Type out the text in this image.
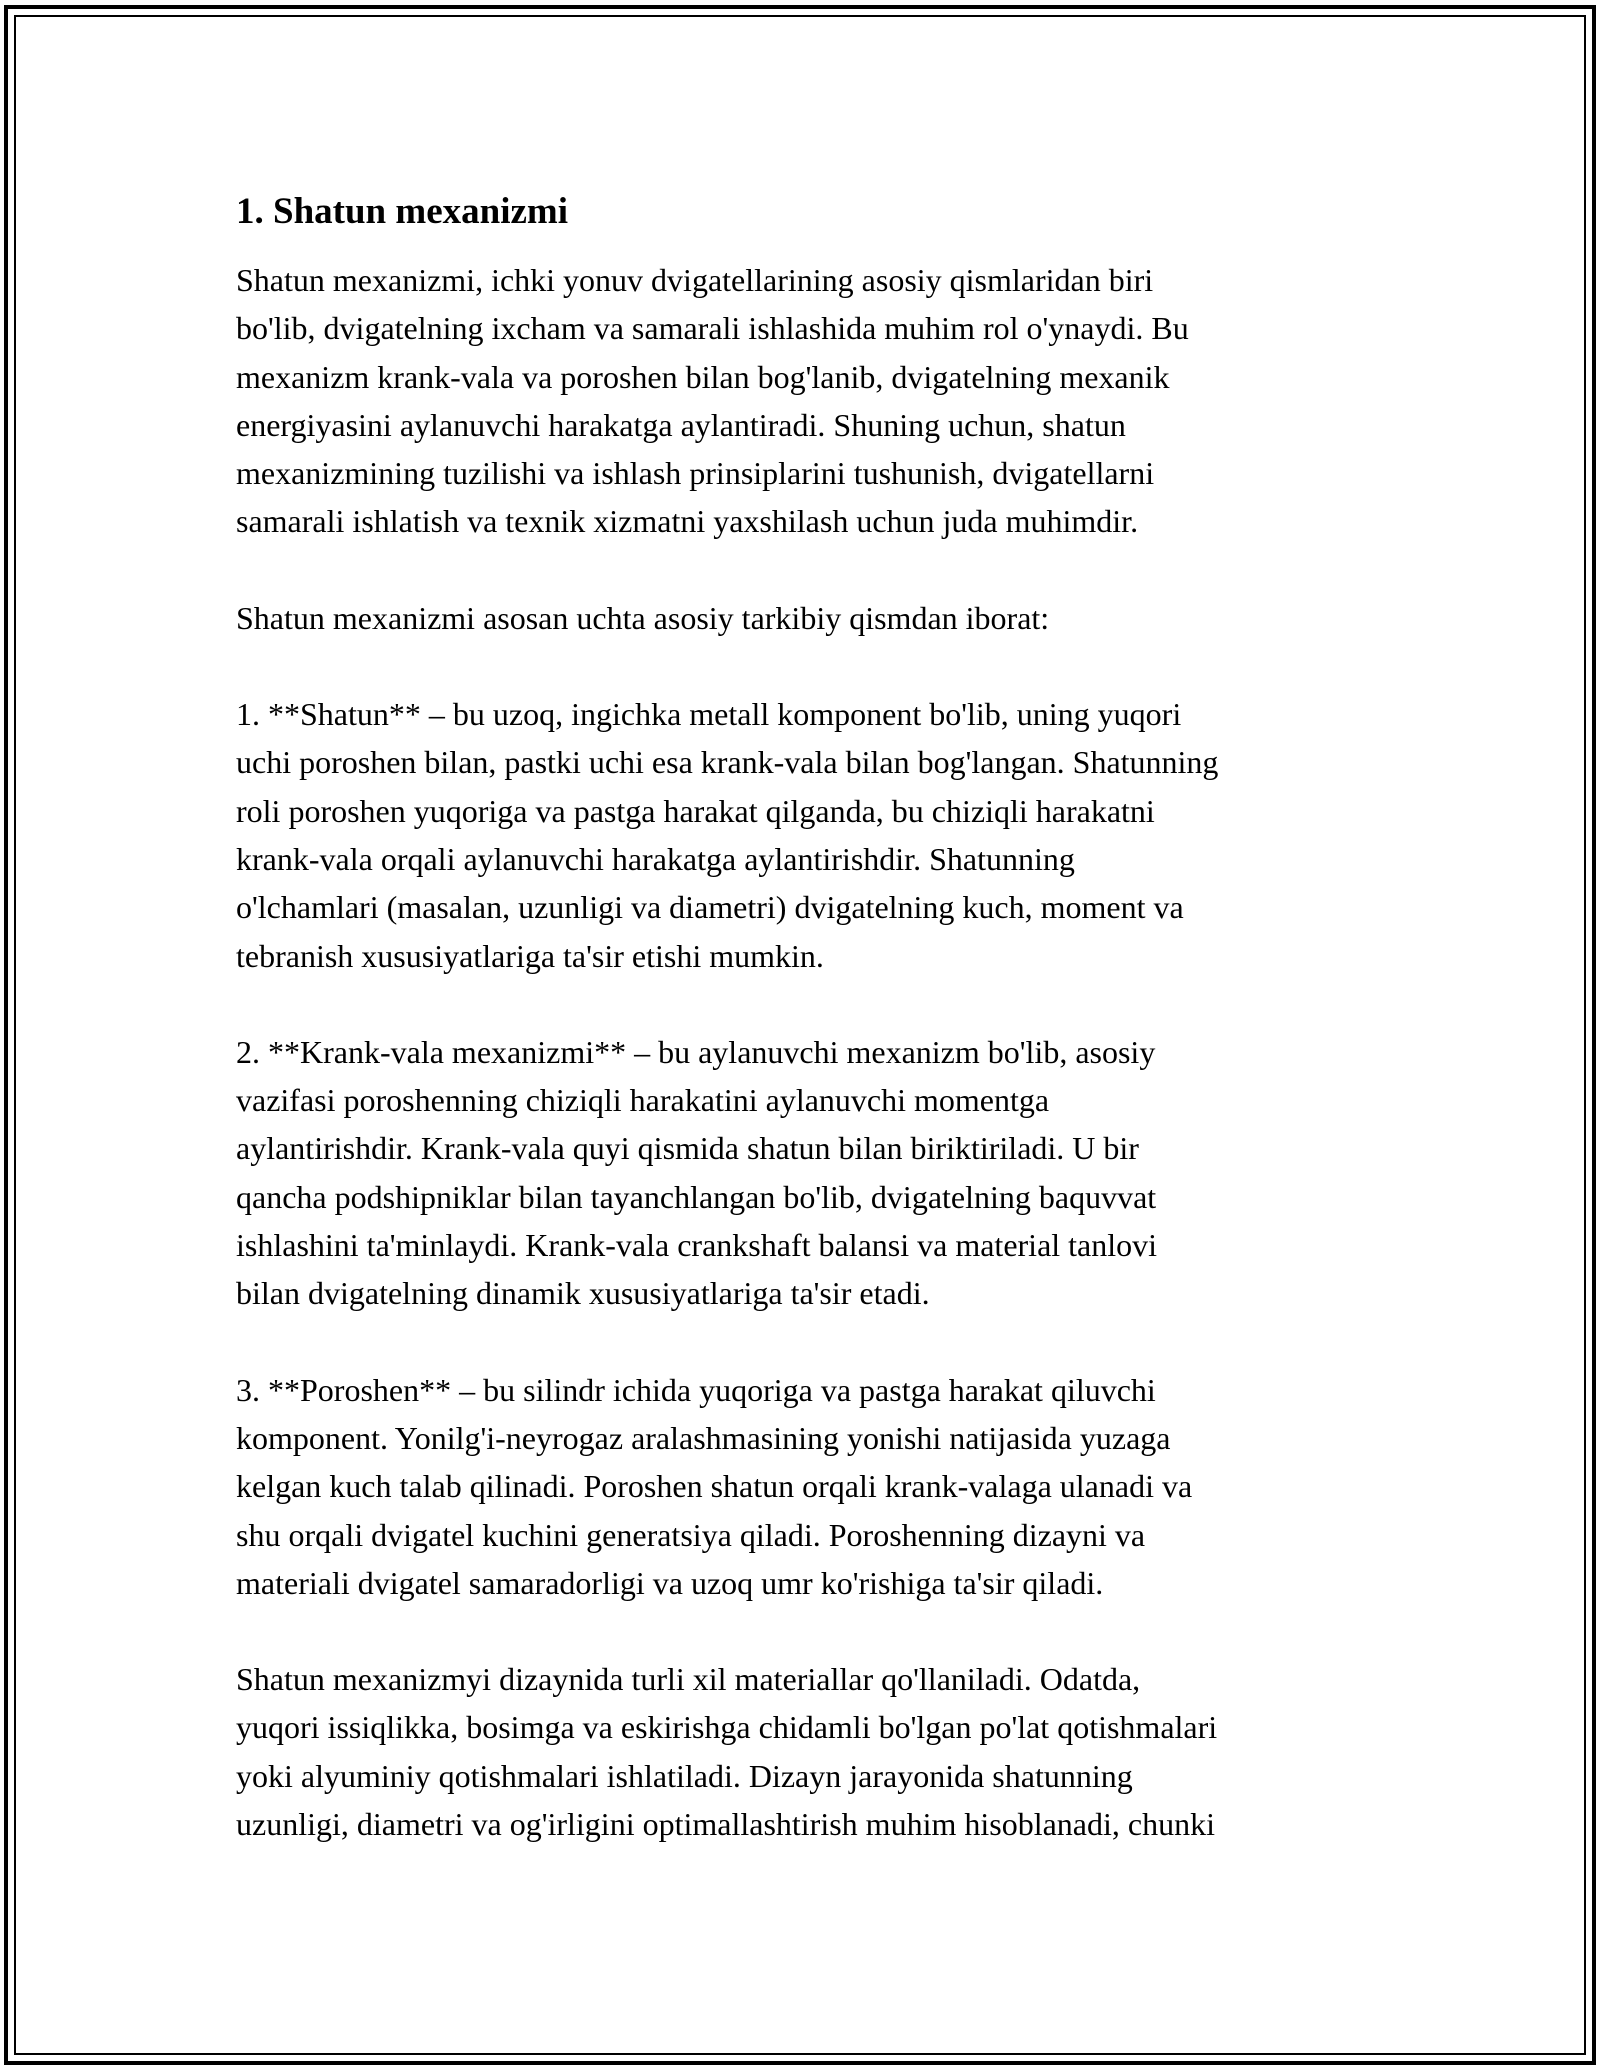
1. Shatun mexanizmi

Shatun mexanizmi, ichki yonuv dvigatellarining asosiy qismlaridan biri
bo'lib, dvigatelning ixcham va samarali ishlashida muhim rol o'ynaydi. Bu
mexanizm krank-vala va poroshen bilan bog'lanib, dvigatelning mexanik
energiyasini aylanuvchi harakatga aylantiradi. Shuning uchun, shatun
mexanizmining tuzilishi va ishlash prinsiplarini tushunish, dvigatellarni
samarali ishlatish va texnik xizmatni yaxshilash uchun juda muhimdir.

Shatun mexanizmi asosan uchta asosiy tarkibiy qismdan iborat:

1. **Shatun** – bu uzoq, ingichka metall komponent bo'lib, uning yuqori
uchi poroshen bilan, pastki uchi esa krank-vala bilan bog'langan. Shatunning
roli poroshen yuqoriga va pastga harakat qilganda, bu chiziqli harakatni
krank-vala orqali aylanuvchi harakatga aylantirishdir. Shatunning
o'lchamlari (masalan, uzunligi va diametri) dvigatelning kuch, moment va
tebranish xususiyatlariga ta'sir etishi mumkin.

2. **Krank-vala mexanizmi** – bu aylanuvchi mexanizm bo'lib, asosiy
vazifasi poroshenning chiziqli harakatini aylanuvchi momentga
aylantirishdir. Krank-vala quyi qismida shatun bilan biriktiriladi. U bir
qancha podshipniklar bilan tayanchlangan bo'lib, dvigatelning baquvvat
ishlashini ta'minlaydi. Krank-vala crankshaft balansi va material tanlovi
bilan dvigatelning dinamik xususiyatlariga ta'sir etadi.

3. **Poroshen** – bu silindr ichida yuqoriga va pastga harakat qiluvchi
komponent. Yonilg'i-neyrogaz aralashmasining yonishi natijasida yuzaga
kelgan kuch talab qilinadi. Poroshen shatun orqali krank-valaga ulanadi va
shu orqali dvigatel kuchini generatsiya qiladi. Poroshenning dizayni va
materiali dvigatel samaradorligi va uzoq umr ko'rishiga ta'sir qiladi.

Shatun mexanizmyi dizaynida turli xil materiallar qo'llaniladi. Odatda,
yuqori issiqlikka, bosimga va eskirishga chidamli bo'lgan po'lat qotishmalari
yoki alyuminiy qotishmalari ishlatiladi. Dizayn jarayonida shatunning
uzunligi, diametri va og'irligini optimallashtirish muhim hisoblanadi, chunki
